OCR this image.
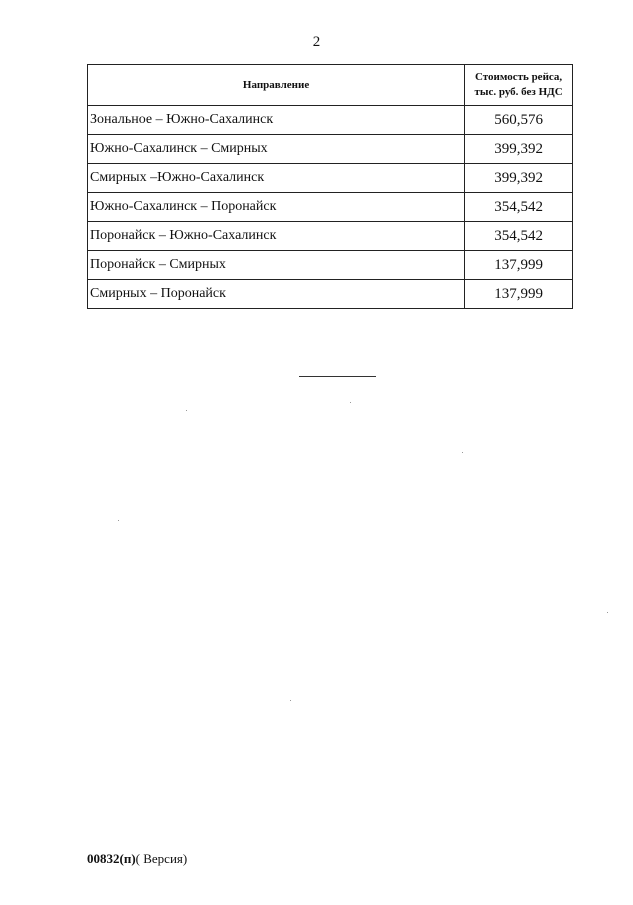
2
Направление	Стоимость рейса,
тыс. руб. без НДС

Зональное – Южно-Сахалинск	560,576
Южно-Сахалинск – Смирных	399,392
Смирных –Южно-Сахалинск	399,392
Южно-Сахалинск – Поронайск	354,542
Поронайск – Южно-Сахалинск	354,542
Поронайск – Смирных	137,999
Смирных – Поронайск	137,999
00832(п)( Версия)
